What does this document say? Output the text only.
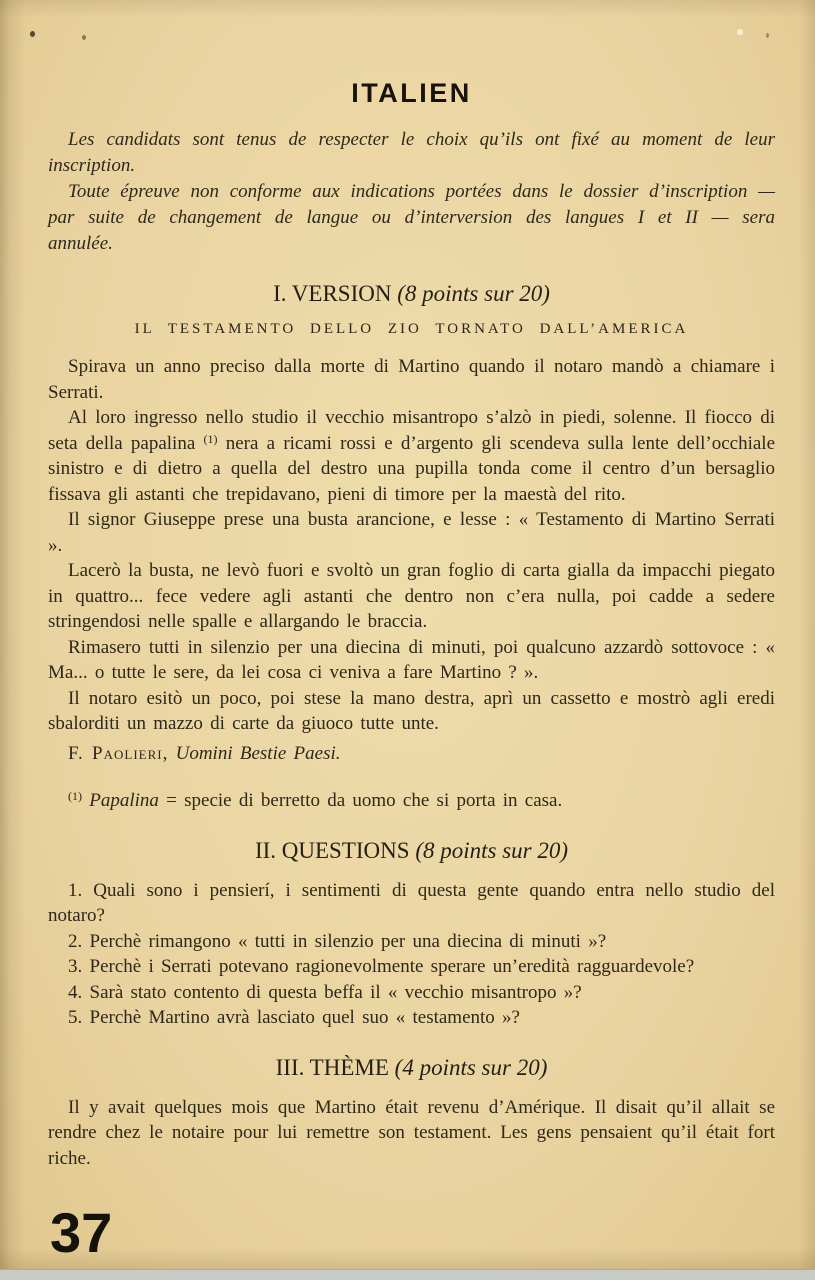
ITALIEN

Les candidats sont tenus de respecter le choix qu’ils ont fixé au moment de leur inscription.

Toute épreuve non conforme aux indications portées dans le dossier d’inscription — par suite de changement de langue ou d’interversion des langues I et II — sera annulée.

I. VERSION (8 points sur 20)
IL TESTAMENTO DELLO ZIO TORNATO DALL’AMERICA

Spirava un anno preciso dalla morte di Martino quando il notaro mandò a chiamare i Serrati.

Al loro ingresso nello studio il vecchio misantropo s’alzò in piedi, solenne. Il fiocco di seta della papalina $^{(1)}$ nera a ricami rossi e d’argento gli scendeva sulla lente dell’occhiale sinistro e di dietro a quella del destro una pupilla tonda come il centro d’un bersaglio fissava gli astanti che trepidavano, pieni di timore per la maestà del rito.

Il signor Giuseppe prese una busta arancione, e lesse : « Testamento di Martino Serrati ».

Lacerò la busta, ne levò fuori e svoltò un gran foglio di carta gialla da impacchi piegato in quattro... fece vedere agli astanti che dentro non c’era nulla, poi cadde a sedere stringendosi nelle spalle e allargando le braccia.

Rimasero tutti in silenzio per una diecina di minuti, poi qualcuno azzardò sottovoce : « Ma... o tutte le sere, da lei cosa ci veniva a fare Martino ? ».

Il notaro esitò un poco, poi stese la mano destra, aprì un cassetto e mostrò agli eredi sbalorditi un mazzo di carte da giuoco tutte unte.

F. Paolieri, Uomini Bestie Paesi.

$^{(1)}$ Papalina = specie di berretto da uomo che si porta in casa.

II. QUESTIONS (8 points sur 20)

1. Quali sono i pensierí, i sentimenti di questa gente quando entra nello studio del notaro?

2. Perchè rimangono « tutti in silenzio per una diecina di minuti »?

3. Perchè i Serrati potevano ragionevolmente sperare un’eredità ragguardevole?

4. Sarà stato contento di questa beffa il « vecchio misantropo »?

5. Perchè Martino avrà lasciato quel suo « testamento »?

III. THÈME (4 points sur 20)

Il y avait quelques mois que Martino était revenu d’Amérique. Il disait qu’il allait se rendre chez le notaire pour lui remettre son testament. Les gens pensaient qu’il était fort riche.

37
